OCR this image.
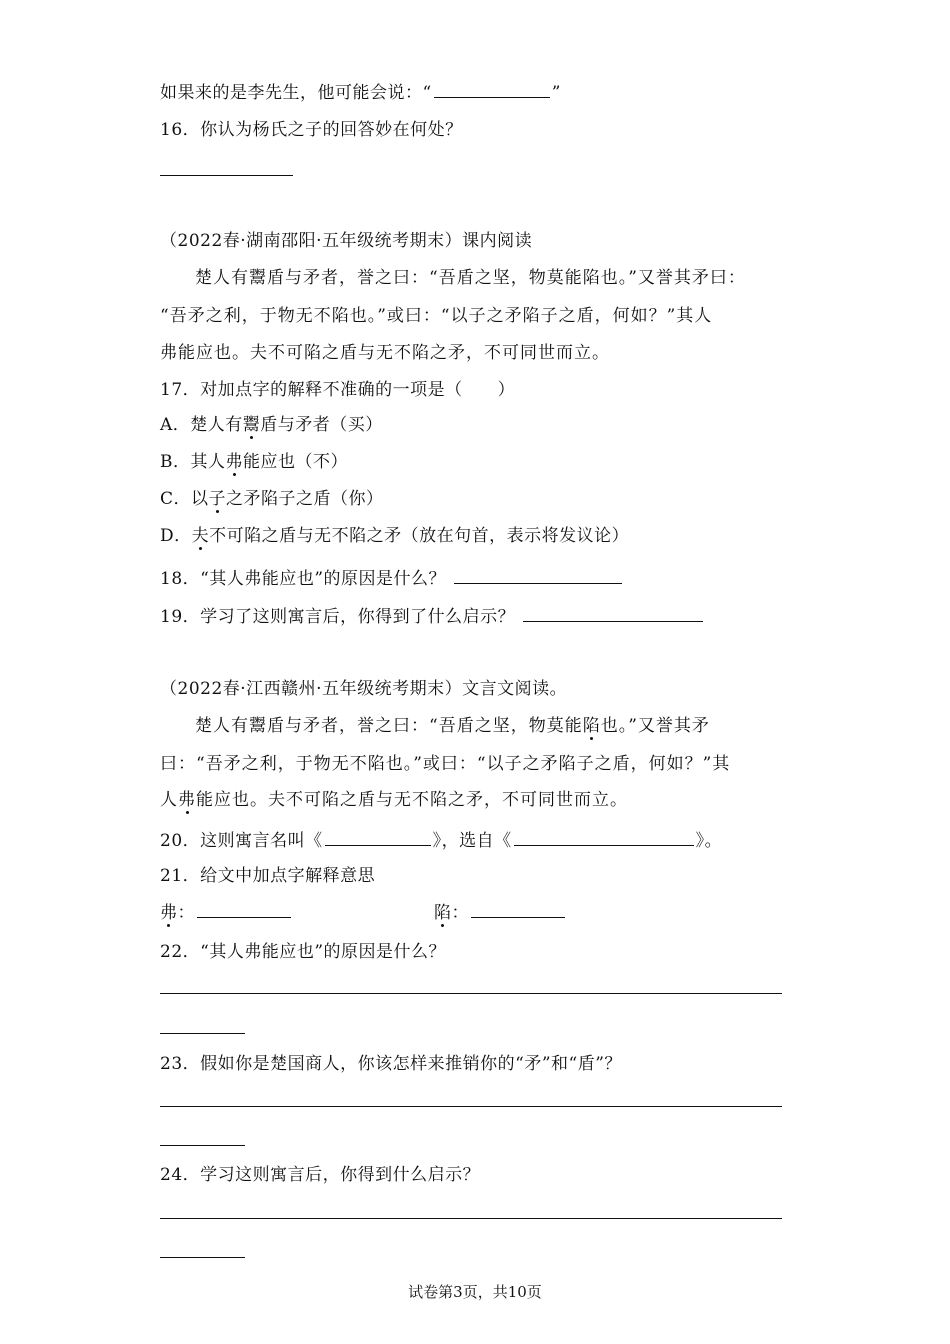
如果来的是李先生，他可能会说：“	”
16．你认为杨氏之子的回答妙在何处？
（2022春·湖南邵阳·五年级统考期末）课内阅读
楚人有鬻盾与矛者，誉之曰：“吾盾之坚，物莫能陷也。”又誉其矛曰：
“吾矛之利，于物无不陷也。”或曰：“以子之矛陷子之盾，何如？”其人
弗能应也。夫不可陷之盾与无不陷之矛，不可同世而立。
17．对加点字的解释不准确的一项是（　　）
A．楚人有鬻盾与矛者（买）
B．其人弗能应也（不）
C．以子之矛陷子之盾（你）
D．夫不可陷之盾与无不陷之矛（放在句首，表示将发议论）
18．“其人弗能应也”的原因是什么？
19．学习了这则寓言后，你得到了什么启示？
（2022春·江西赣州·五年级统考期末）文言文阅读。
楚人有鬻盾与矛者，誉之曰：“吾盾之坚，物莫能陷也。”又誉其矛
曰：“吾矛之利，于物无不陷也。”或曰：“以子之矛陷子之盾，何如？”其
人弗能应也。夫不可陷之盾与无不陷之矛，不可同世而立。
20．这则寓言名叫《	》，选自《	》。
21．给文中加点字解释意思
弗：	陷：
22．“其人弗能应也”的原因是什么？
23．假如你是楚国商人，你该怎样来推销你的“矛”和“盾”？
24．学习这则寓言后，你得到什么启示？
试卷第3页，共10页
